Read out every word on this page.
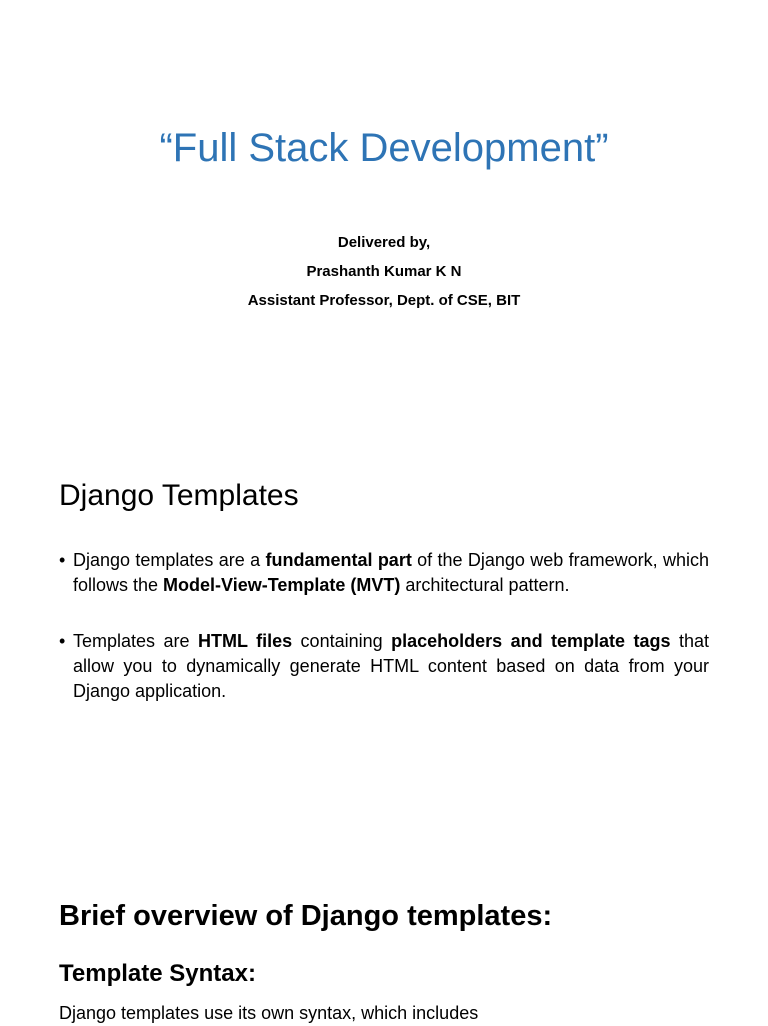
“Full Stack Development”
Delivered by,
Prashanth Kumar K N
Assistant Professor, Dept. of CSE, BIT
Django Templates
• Django templates are a fundamental part of the Django web framework, which follows the Model-View-Template (MVT) architectural pattern.
• Templates are HTML files containing placeholders and template tags that allow you to dynamically generate HTML content based on data from your Django application.
Brief overview of Django templates:
Template Syntax:

Django templates use its own syntax, which includes
